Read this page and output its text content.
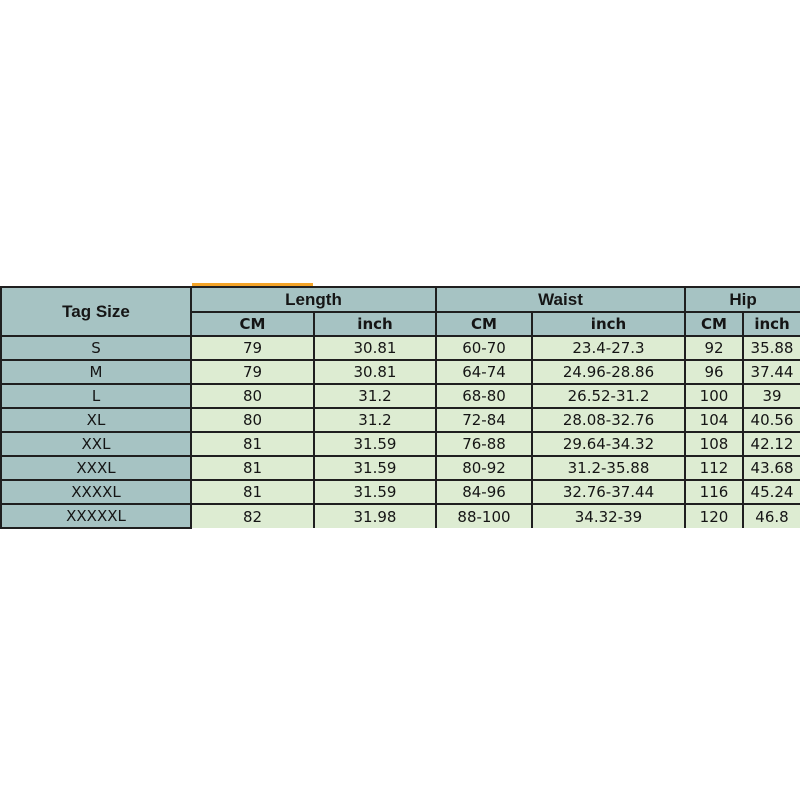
Tag Size	Length		Waist		Hip	
	CM	inch	CM	inch	CM	inch
S	79	30.81	60-70	23.4-27.3	92	35.88
M	79	30.81	64-74	24.96-28.86	96	37.44
L	80	31.2	68-80	26.52-31.2	100	39
XL	80	31.2	72-84	28.08-32.76	104	40.56
XXL	81	31.59	76-88	29.64-34.32	108	42.12
XXXL	81	31.59	80-92	31.2-35.88	112	43.68
XXXXL	81	31.59	84-96	32.76-37.44	116	45.24
XXXXXL	82	31.98	88-100	34.32-39	120	46.8
